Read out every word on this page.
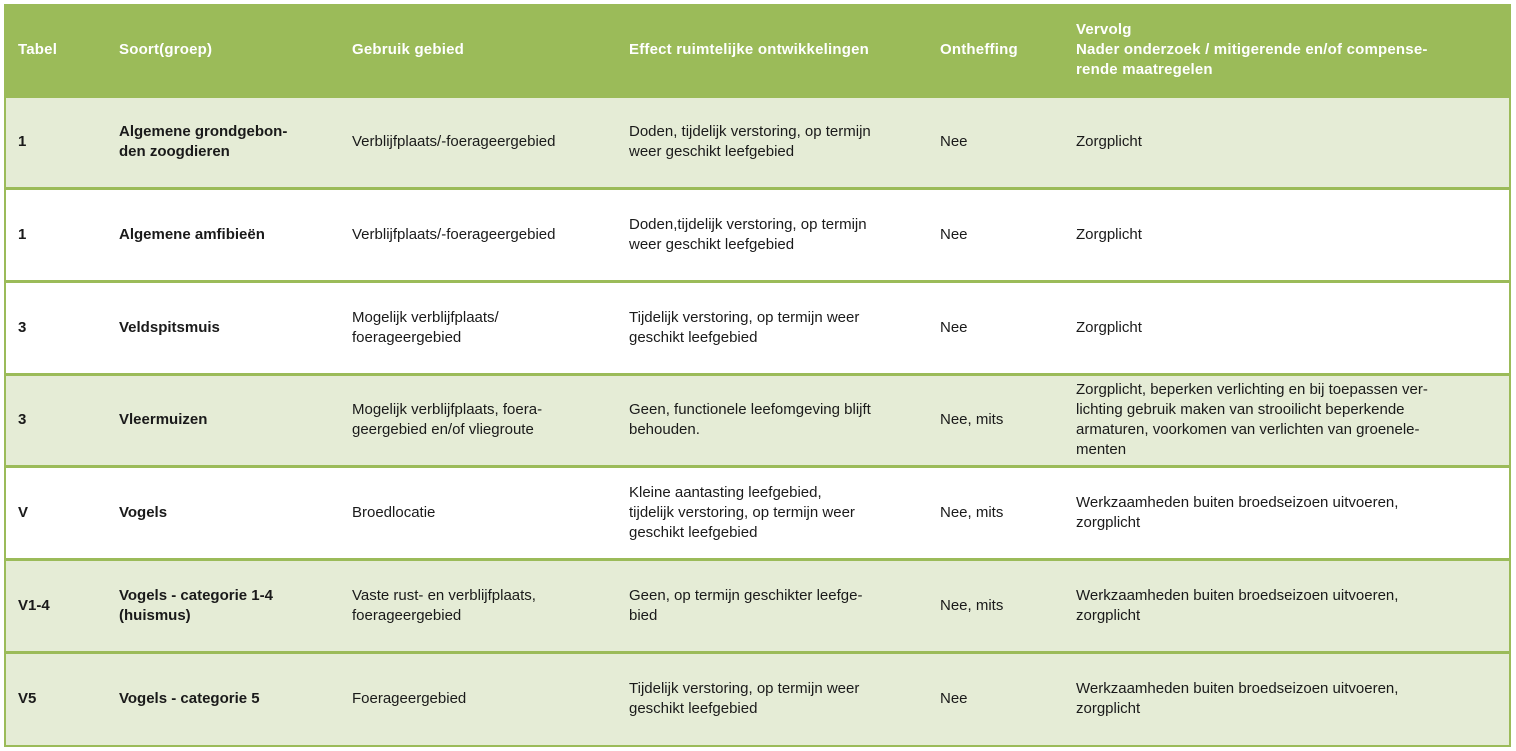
Tabel	Soort(groep)	Gebruik gebied	Effect ruimtelijke ontwikkelingen	Ontheffing	Vervolg
Nader onderzoek / mitigerende en/of compense-
rende maatregelen
1	Algemene grondgebon-
den zoogdieren	Verblijfplaats/-foerageergebied	Doden, tijdelijk verstoring, op termijn
weer geschikt leefgebied	Nee	Zorgplicht
1	Algemene amfibieën	Verblijfplaats/-foerageergebied	Doden,tijdelijk verstoring, op termijn
weer geschikt leefgebied	Nee	Zorgplicht
3	Veldspitsmuis	Mogelijk verblijfplaats/
foerageergebied	Tijdelijk verstoring, op termijn weer
geschikt leefgebied	Nee	Zorgplicht
3	Vleermuizen	Mogelijk verblijfplaats, foera-
geergebied en/of vliegroute	Geen, functionele leefomgeving blijft
behouden.	Nee, mits	Zorgplicht, beperken verlichting en bij toepassen ver-
lichting gebruik maken van strooilicht beperkende
armaturen, voorkomen van verlichten van groenele-
menten
V	Vogels	Broedlocatie	Kleine aantasting leefgebied,
tijdelijk verstoring, op termijn weer
geschikt leefgebied	Nee, mits	Werkzaamheden buiten broedseizoen uitvoeren,
zorgplicht
V1-4	Vogels - categorie 1-4
(huismus)	Vaste rust- en verblijfplaats,
foerageergebied	Geen, op termijn geschikter leefge-
bied	Nee, mits	Werkzaamheden buiten broedseizoen uitvoeren,
zorgplicht
V5	Vogels - categorie 5	Foerageergebied	Tijdelijk verstoring, op termijn weer
geschikt leefgebied	Nee	Werkzaamheden buiten broedseizoen uitvoeren,
zorgplicht
